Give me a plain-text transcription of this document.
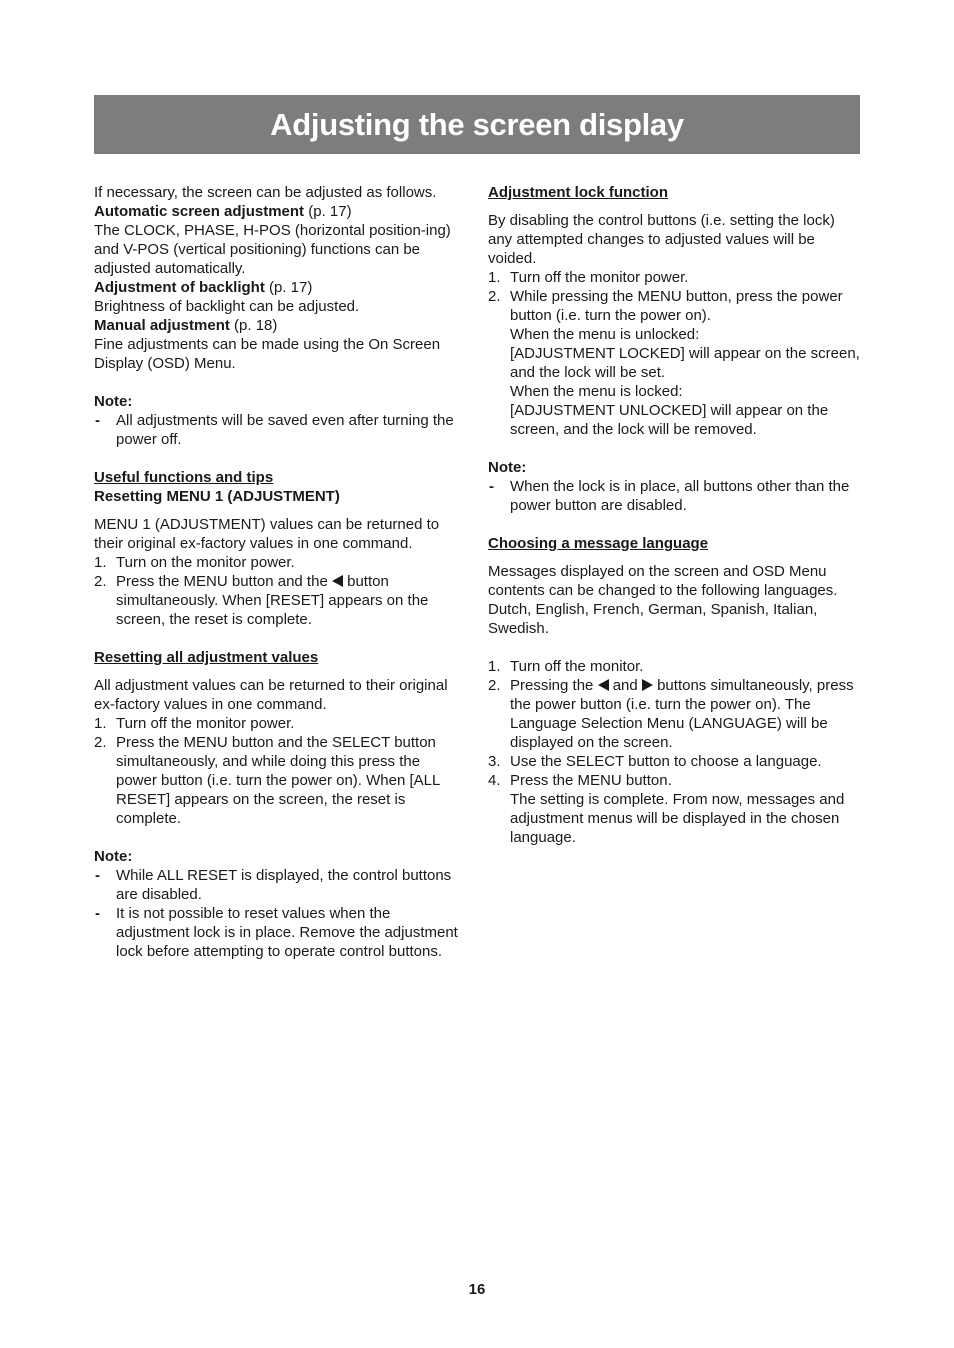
Adjusting the screen display

If necessary, the screen can be adjusted as follows.

Automatic screen adjustment (p. 17)

The CLOCK, PHASE, H-POS (horizontal position-ing) and V-POS (vertical positioning) functions can be adjusted automatically.

Adjustment of backlight (p. 17)

Brightness of backlight can be adjusted.

Manual adjustment (p. 18)

Fine adjustments can be made using the On Screen Display (OSD) Menu.

Note:

- All adjustments will be saved even after turning the power off.

Useful functions and tips

Resetting MENU 1 (ADJUSTMENT)

MENU 1 (ADJUSTMENT) values can be returned to their original ex-factory values in one command.

1. Turn on the monitor power.
2. Press the MENU button and the  button simultaneously. When [RESET] appears on the screen, the reset is complete.

Resetting all adjustment values

All adjustment values can be returned to their original ex-factory values in one command.

1. Turn off the monitor power.
2. Press the MENU button and the SELECT button simultaneously, and while doing this press the power button (i.e. turn the power on). When [ALL RESET] appears on the screen, the reset is complete.

Note:

- While ALL RESET is displayed, the control buttons are disabled.
- It is not possible to reset values when the adjustment lock is in place. Remove the adjustment lock before attempting to operate control buttons.

Adjustment lock function

By disabling the control buttons (i.e. setting the lock) any attempted changes to adjusted values will be voided.

1. Turn off the monitor power.
2. While pressing the MENU button, press the power button (i.e. turn the power on).
When the menu is unlocked:
[ADJUSTMENT LOCKED] will appear on the screen, and the lock will be set.
When the menu is locked:
[ADJUSTMENT UNLOCKED] will appear on the screen, and the lock will be removed.

Note:

- When the lock is in place, all buttons other than the power button are disabled.

Choosing a message language

Messages displayed on the screen and OSD Menu contents can be changed to the following languages. Dutch, English, French, German, Spanish, Italian, Swedish.

1. Turn off the monitor.
2. Pressing the  and  buttons simultaneously, press the power button (i.e. turn the power on). The Language Selection Menu (LANGUAGE) will be displayed on the screen.
3. Use the SELECT button to choose a language.
4. Press the MENU button.
The setting is complete. From now, messages and adjustment menus will be displayed in the chosen language.
16
